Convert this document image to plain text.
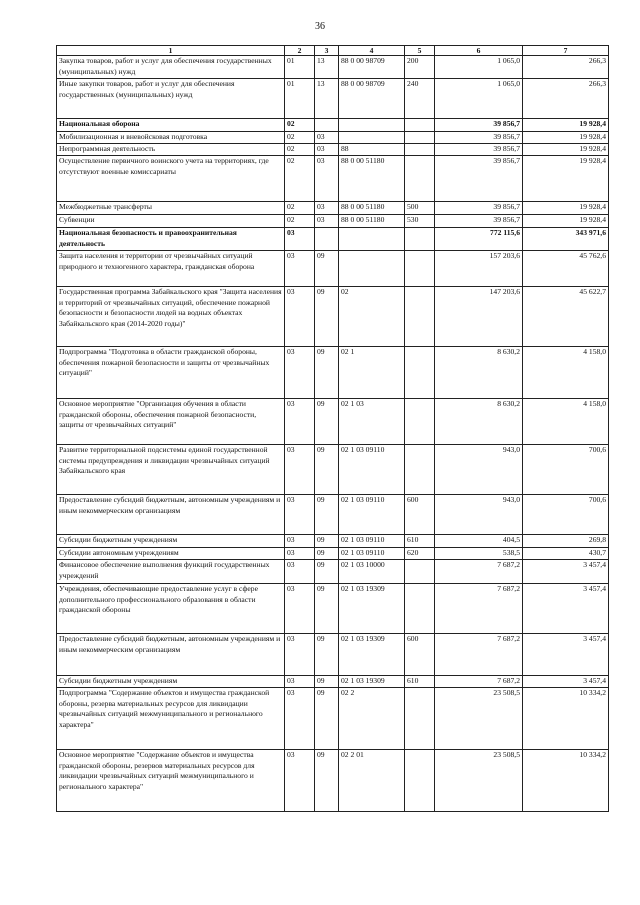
36
1	2	3	4	5	6	7
Закупка товаров, работ и услуг для обеспечения государственных (муниципальных) нужд	01	13	88 0 00 98709	200	1 065,0	266,3
Иные закупки товаров, работ и услуг для обеспечения государственных (муниципальных) нужд	01	13	88 0 00 98709	240	1 065,0	266,3
Национальная оборона	02				39 856,7	19 928,4
Мобилизационная и вневойсковая подготовка	02	03			39 856,7	19 928,4
Непрограммная деятельность	02	03	88		39 856,7	19 928,4
Осуществление первичного воинского учета на территориях, где отсутствуют военные комиссариаты	02	03	88 0 00 51180		39 856,7	19 928,4
Межбюджетные трансферты	02	03	88 0 00 51180	500	39 856,7	19 928,4
Субвенции	02	03	88 0 00 51180	530	39 856,7	19 928,4
Национальная безопасность и правоохранительная деятельность	03				772 115,6	343 971,6
Защита населения и территории от чрезвычайных ситуаций природного и техногенного характера, гражданская оборона	03	09			157 203,6	45 762,6
Государственная программа Забайкальского края "Защита населения и территорий от чрезвычайных ситуаций, обеспечение пожарной безопасности и безопасности людей на водных объектах Забайкальского края (2014-2020 годы)"	03	09	02		147 203,6	45 622,7
Подпрограмма "Подготовка в области гражданской обороны, обеспечения пожарной безопасности и защиты от чрезвычайных ситуаций"	03	09	02 1		8 630,2	4 158,0
Основное мероприятие "Организация обучения в области гражданской обороны, обеспечения пожарной безопасности, защиты от чрезвычайных ситуаций"	03	09	02 1 03		8 630,2	4 158,0
Развитие территориальной подсистемы единой государственной системы предупреждения и ликвидации чрезвычайных ситуаций Забайкальского края	03	09	02 1 03 09110		943,0	700,6
Предоставление субсидий бюджетным, автономным учреждениям и иным некоммерческим организациям	03	09	02 1 03 09110	600	943,0	700,6
Субсидии бюджетным учреждениям	03	09	02 1 03 09110	610	404,5	269,8
Субсидии автономным учреждениям	03	09	02 1 03 09110	620	538,5	430,7
Финансовое обеспечение выполнения функций государственных учреждений	03	09	02 1 03 10000		7 687,2	3 457,4
Учреждения, обеспечивающие предоставление услуг в сфере дополнительного профессионального образования в области гражданской обороны	03	09	02 1 03 19309		7 687,2	3 457,4
Предоставление субсидий бюджетным, автономным учреждениям и иным некоммерческим организациям	03	09	02 1 03 19309	600	7 687,2	3 457,4
Субсидии бюджетным учреждениям	03	09	02 1 03 19309	610	7 687,2	3 457,4
Подпрограмма "Содержание объектов и имущества гражданской обороны, резерва материальных ресурсов для ликвидации чрезвычайных ситуаций межмуниципального и регионального характера"	03	09	02 2		23 508,5	10 334,2
Основное мероприятие "Содержание объектов и имущества гражданской обороны, резервов материальных ресурсов для ликвидации чрезвычайных ситуаций межмуниципального и регионального характера"	03	09	02 2 01		23 508,5	10 334,2
